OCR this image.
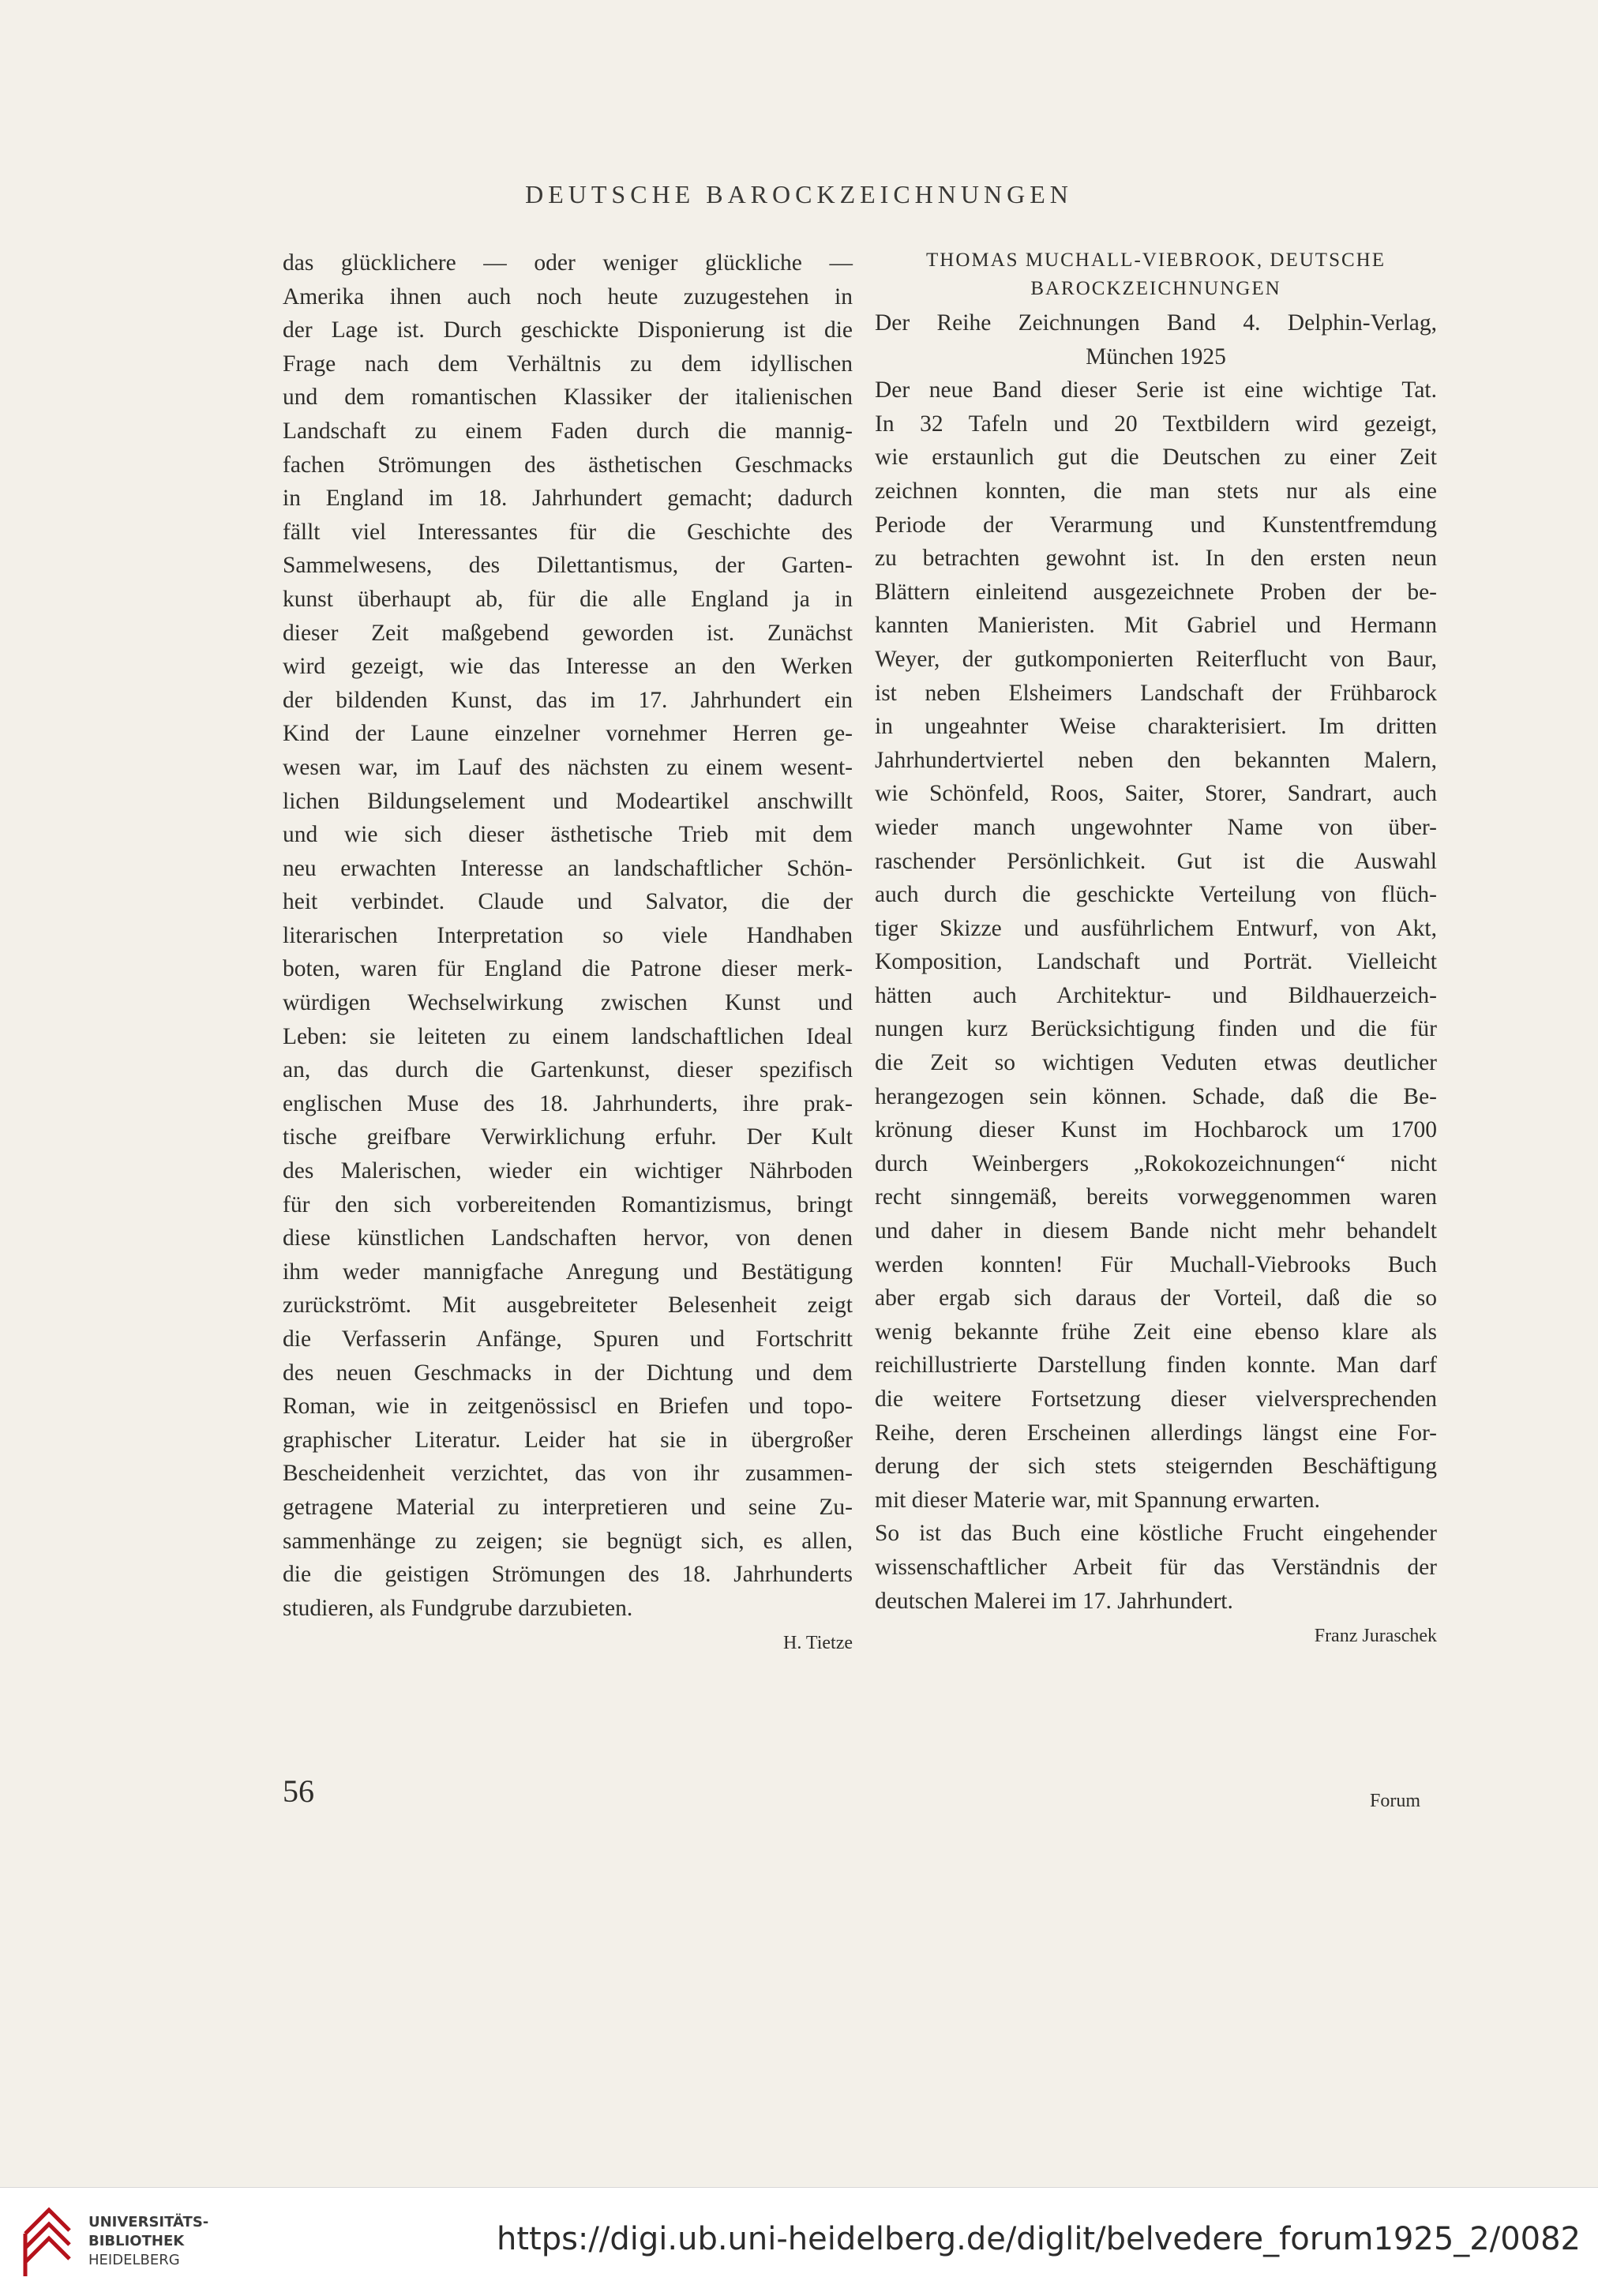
DEUTSCHE BAROCKZEICHNUNGEN
das glücklichere — oder weniger glückliche —
Amerika ihnen auch noch heute zuzugestehen in
der Lage ist. Durch geschickte Disponierung ist die
Frage nach dem Verhältnis zu dem idyllischen
und dem romantischen Klassiker der italienischen
Landschaft zu einem Faden durch die mannig-
fachen Strömungen des ästhetischen Geschmacks
in England im 18. Jahrhundert gemacht; dadurch
fällt viel Interessantes für die Geschichte des
Sammelwesens, des Dilettantismus, der Garten-
kunst überhaupt ab, für die alle England ja in
dieser Zeit maßgebend geworden ist. Zunächst
wird gezeigt, wie das Interesse an den Werken
der bildenden Kunst, das im 17. Jahrhundert ein
Kind der Laune einzelner vornehmer Herren ge-
wesen war, im Lauf des nächsten zu einem wesent-
lichen Bildungselement und Modeartikel anschwillt
und wie sich dieser ästhetische Trieb mit dem
neu erwachten Interesse an landschaftlicher Schön-
heit verbindet. Claude und Salvator, die der
literarischen Interpretation so viele Handhaben
boten, waren für England die Patrone dieser merk-
würdigen Wechselwirkung zwischen Kunst und
Leben: sie leiteten zu einem landschaftlichen Ideal
an, das durch die Gartenkunst, dieser spezifisch
englischen Muse des 18. Jahrhunderts, ihre prak-
tische greifbare Verwirklichung erfuhr. Der Kult
des Malerischen, wieder ein wichtiger Nährboden
für den sich vorbereitenden Romantizismus, bringt
diese künstlichen Landschaften hervor, von denen
ihm weder mannigfache Anregung und Bestätigung
zurückströmt. Mit ausgebreiteter Belesenheit zeigt
die Verfasserin Anfänge, Spuren und Fortschritt
des neuen Geschmacks in der Dichtung und dem
Roman, wie in zeitgenössiscl en Briefen und topo-
graphischer Literatur. Leider hat sie in übergroßer
Bescheidenheit verzichtet, das von ihr zusammen-
getragene Material zu interpretieren und seine Zu-
sammenhänge zu zeigen; sie begnügt sich, es allen,
die die geistigen Strömungen des 18. Jahrhunderts
studieren, als Fundgrube darzubieten.
H. Tietze
THOMAS MUCHALL-VIEBROOK, DEUTSCHE
BAROCKZEICHNUNGEN
Der Reihe Zeichnungen Band 4. Delphin-Verlag,
München 1925
Der neue Band dieser Serie ist eine wichtige Tat.
In 32 Tafeln und 20 Textbildern wird gezeigt,
wie erstaunlich gut die Deutschen zu einer Zeit
zeichnen konnten, die man stets nur als eine
Periode der Verarmung und Kunstentfremdung
zu betrachten gewohnt ist. In den ersten neun
Blättern einleitend ausgezeichnete Proben der be-
kannten Manieristen. Mit Gabriel und Hermann
Weyer, der gutkomponierten Reiterflucht von Baur,
ist neben Elsheimers Landschaft der Frühbarock
in ungeahnter Weise charakterisiert. Im dritten
Jahrhundertviertel neben den bekannten Malern,
wie Schönfeld, Roos, Saiter, Storer, Sandrart, auch
wieder manch ungewohnter Name von über-
raschender Persönlichkeit. Gut ist die Auswahl
auch durch die geschickte Verteilung von flüch-
tiger Skizze und ausführlichem Entwurf, von Akt,
Komposition, Landschaft und Porträt. Vielleicht
hätten auch Architektur- und Bildhauerzeich-
nungen kurz Berücksichtigung finden und die für
die Zeit so wichtigen Veduten etwas deutlicher
herangezogen sein können. Schade, daß die Be-
krönung dieser Kunst im Hochbarock um 1700
durch Weinbergers „Rokokozeichnungen“ nicht
recht sinngemäß, bereits vorweggenommen waren
und daher in diesem Bande nicht mehr behandelt
werden konnten! Für Muchall-Viebrooks Buch
aber ergab sich daraus der Vorteil, daß die so
wenig bekannte frühe Zeit eine ebenso klare als
reichillustrierte Darstellung finden konnte. Man darf
die weitere Fortsetzung dieser vielversprechenden
Reihe, deren Erscheinen allerdings längst eine For-
derung der sich stets steigernden Beschäftigung
mit dieser Materie war, mit Spannung erwarten.
So ist das Buch eine köstliche Frucht eingehender
wissenschaftlicher Arbeit für das Verständnis der
deutschen Malerei im 17. Jahrhundert.
Franz Juraschek
56	Forum
UNIVERSITÄTS-
BIBLIOTHEK
HEIDELBERG
https://digi.ub.uni-heidelberg.de/diglit/belvedere_forum1925_2/0082
